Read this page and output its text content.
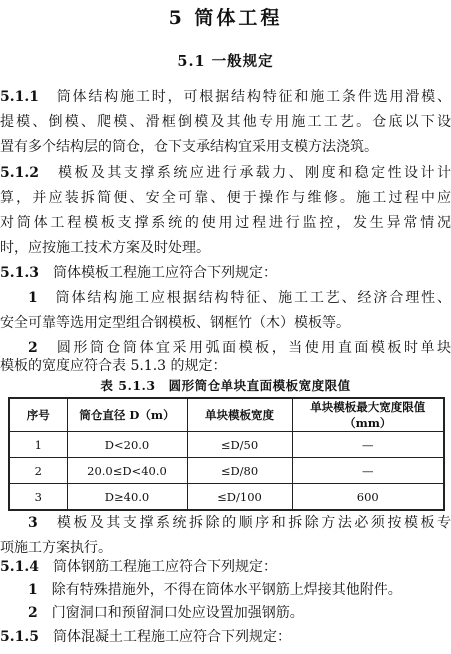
5 筒体工程
5.1 一般规定
5.1.1　 筒体结构施工时，可根据结构特征和施工条件选用滑模、
提模、倒模、爬模、滑框倒模及其他专用施工工艺。仓底以下设
置有多个结构层的筒仓，仓下支承结构宜采用支模方法浇筑。
5.1.2　 模板及其支撑系统应进行承载力、刚度和稳定性设计计
算，并应装拆简便、安全可靠、便于操作与维修。施工过程中应
对筒体工程模板支撑系统的使用过程进行监控，发生异常情况
时，应按施工技术方案及时处理。
5.1.3　 筒体模板工程施工应符合下列规定：
1　 筒体结构施工应根据结构特征、施工工艺、经济合理性、
安全可靠等选用定型组合钢模板、钢框竹（木）模板等。
2　 圆形筒仓筒体宜采用弧面模板，当使用直面模板时单块
模板的宽度应符合表 5.1.3 的规定：
表 5.1.3　圆形筒仓单块直面模板宽度限值
序号	筒仓直径 D（m）	单块模板宽度	单块模板最大宽度限值（mm）
1	D<20.0	≤D/50	—
2	20.0≤D<40.0	≤D/80	—
3	D≥40.0	≤D/100	600
3　 模板及其支撑系统拆除的顺序和拆除方法必须按模板专
项施工方案执行。
5.1.4　 筒体钢筋工程施工应符合下列规定：
1　 除有特殊措施外，不得在筒体水平钢筋上焊接其他附件。
2　 门窗洞口和预留洞口处应设置加强钢筋。
5.1.5　 筒体混凝土工程施工应符合下列规定：
